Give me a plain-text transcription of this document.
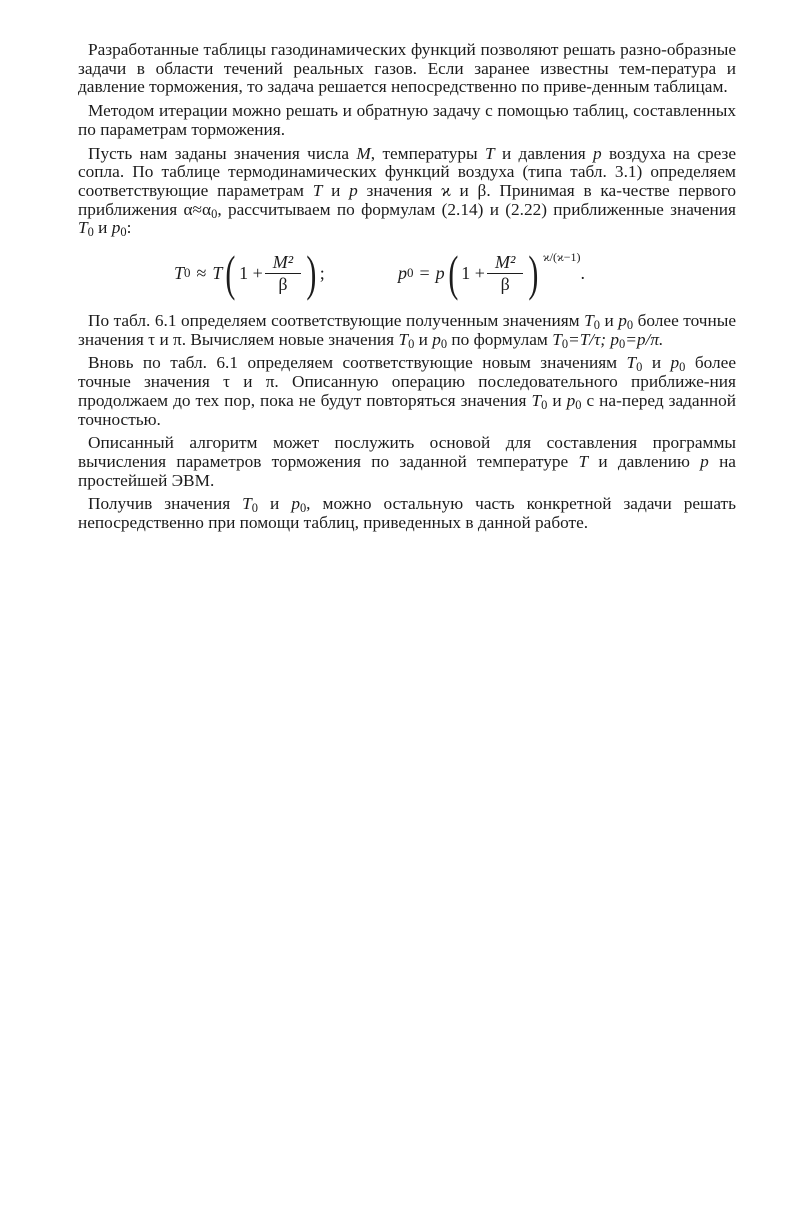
Разработанные таблицы газодинамических функций позволяют решать разно-образные задачи в области течений реальных газов. Если заранее известны тем-пература и давление торможения, то задача решается непосредственно по приве-денным таблицам.

Методом итерации можно решать и обратную задачу с помощью таблиц, составленных по параметрам торможения.

Пусть нам заданы значения числа M, температуры T и давления p воздуха на срезе сопла. По таблице термодинамических функций воздуха (типа табл. 3.1) определяем соответствующие параметрам T и p значения ϰ и β. Принимая в ка-честве первого приближения $\alpha\approx\alpha_0$, рассчитываем по формулам (2.14) и (2.22) приближенные значения $T_0$ и $p_0$:

T 0 ≈ T ( $1 + \frac{\text{M²}}{\beta}$ ) ;	p 0 = p ( $1 + \frac{\text{M²}}{\beta}$ ) ϰ/(ϰ−1)
.

По табл. 6.1 определяем соответствующие полученным значениям $T_0$ и $p_0$ более точные значения τ и π. Вычисляем новые значения $T_0$ и $p_0$ по формулам $T_0=T/\tau$; $p_0=p/\pi$.

Вновь по табл. 6.1 определяем соответствующие новым значениям $T_0$ и $p_0$ более точные значения τ и π. Описанную операцию последовательного приближе-ния продолжаем до тех пор, пока не будут повторяться значения $T_0$ и $p_0$ с на-перед заданной точностью.

Описанный алгоритм может послужить основой для составления программы вычисления параметров торможения по заданной температуре T и давлению p на простейшей ЭВМ.

Получив значения $T_0$ и $p_0$, можно остальную часть конкретной задачи решать непосредственно при помощи таблиц, приведенных в данной работе.
